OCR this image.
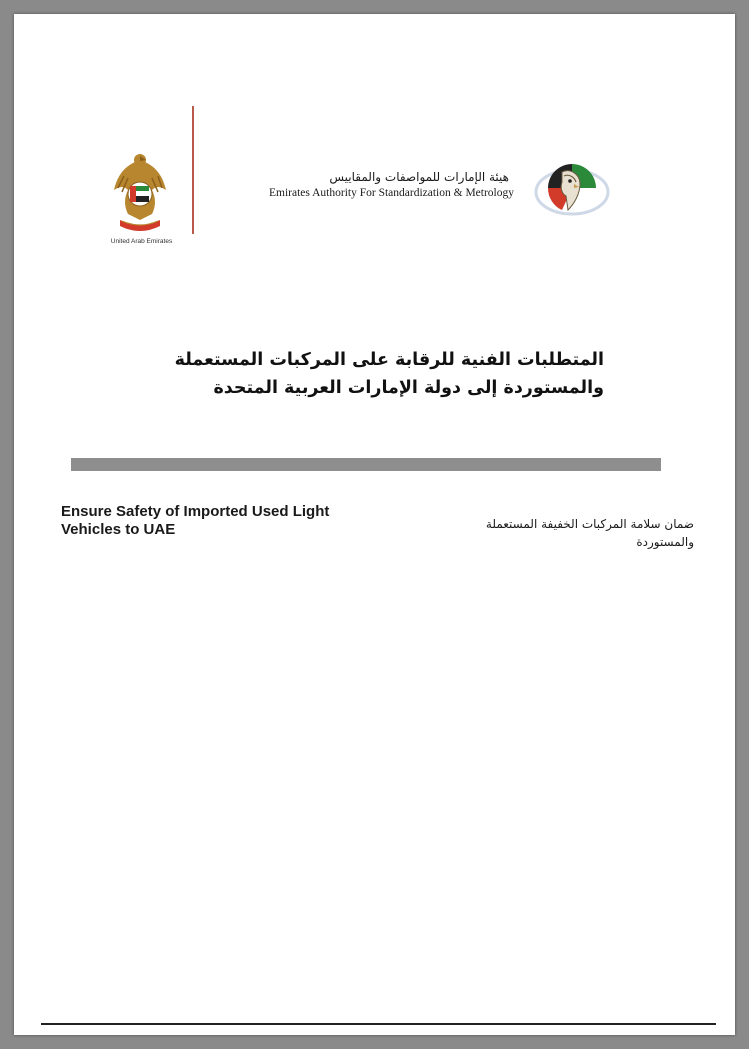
United Arab Emirates
هيئة الإمارات للمواصفات والمقاييس
Emirates Authority For Standardization & Metrology
المتطلبات الفنية للرقابة على المركبات المستعملة
والمستوردة إلى دولة الإمارات العربية المتحدة
Ensure Safety of Imported Used Light Vehicles to UAE	ضمان سلامة المركبات الخفيفة المستعملة والمستوردة
